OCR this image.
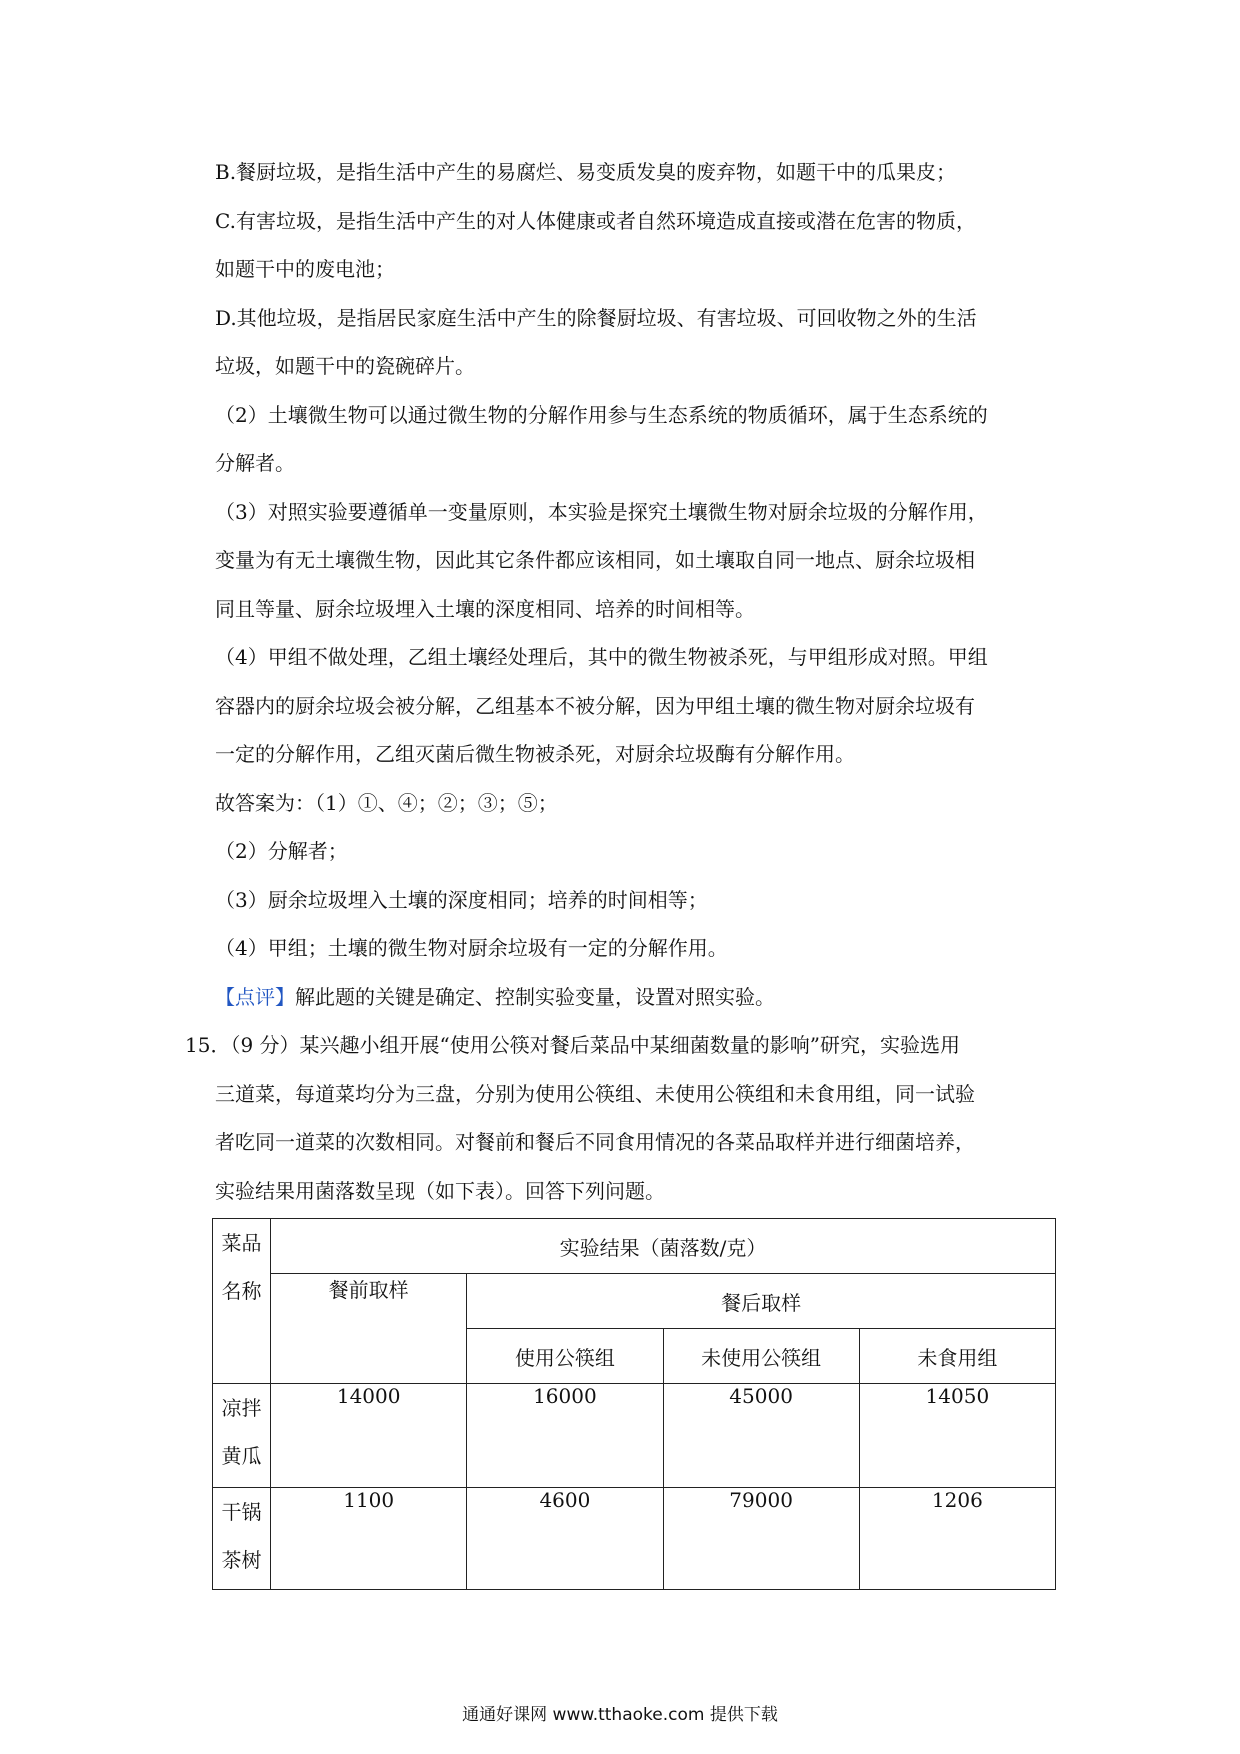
B.餐厨垃圾，是指生活中产生的易腐烂、易变质发臭的废弃物，如题干中的瓜果皮；
C.有害垃圾，是指生活中产生的对人体健康或者自然环境造成直接或潜在危害的物质，
如题干中的废电池；
D.其他垃圾，是指居民家庭生活中产生的除餐厨垃圾、有害垃圾、可回收物之外的生活
垃圾，如题干中的瓷碗碎片。
（2）土壤微生物可以通过微生物的分解作用参与生态系统的物质循环，属于生态系统的
分解者。
（3）对照实验要遵循单一变量原则，本实验是探究土壤微生物对厨余垃圾的分解作用，
变量为有无土壤微生物，因此其它条件都应该相同，如土壤取自同一地点、厨余垃圾相
同且等量、厨余垃圾埋入土壤的深度相同、培养的时间相等。
（4）甲组不做处理，乙组土壤经处理后，其中的微生物被杀死，与甲组形成对照。甲组
容器内的厨余垃圾会被分解，乙组基本不被分解，因为甲组土壤的微生物对厨余垃圾有
一定的分解作用，乙组灭菌后微生物被杀死，对厨余垃圾酶有分解作用。
故答案为：（1）①、④；②；③；⑤；
（2）分解者；
（3）厨余垃圾埋入土壤的深度相同；培养的时间相等；
（4）甲组；土壤的微生物对厨余垃圾有一定的分解作用。
【点评】解此题的关键是确定、控制实验变量，设置对照实验。
15．（9 分）某兴趣小组开展“使用公筷对餐后菜品中某细菌数量的影响”研究，实验选用
三道菜，每道菜均分为三盘，分别为使用公筷组、未使用公筷组和未食用组，同一试验
者吃同一道菜的次数相同。对餐前和餐后不同食用情况的各菜品取样并进行细菌培养，
实验结果用菌落数呈现（如下表）。回答下列问题。
菜品
名称	实验结果（菌落数/克）			
	餐前取样	餐后取样		
		使用公筷组	未使用公筷组	未食用组

凉拌
黄瓜	14000	16000	45000	14050

干锅
茶树	1100	4600	79000	1206
通通好课网 www.tthaoke.com 提供下载
